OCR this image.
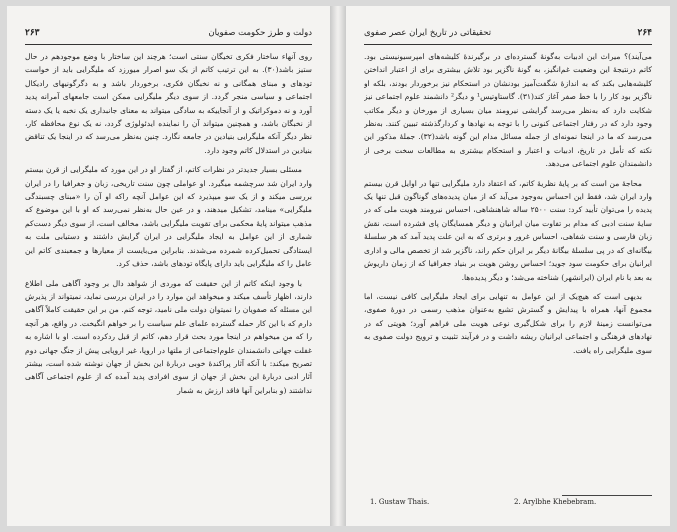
۲۶۳	دولت و طرز حکومت صفویان

روی آنهاء ساختار فکری تخیگان سنتی است؛ هرچند این ساختار با وضع موجودهم در حال ستیز باشد(۳۰). به این ترتیب کاتم از یک سو اصرار میورزد که ملیگرایی باید از خواست تودهای و مبنای همگانی و نه نخبگان فکری، برخوردار باشد و به دگرگونیهای رادیکال اجتماعی و سیاسی منجر گردد. از سوی دیگر ملیگرایی ممکن است جامعهای آمرانه پدید آورد و نه دموکراتیک و از آنجاییکه به سادگی میتواند به معنای جانبداری یک نخبه یا یک دسته از نخبگان باشد، و همچنین میتواند آن را نماینده ایدئولوژی گردد، نه یک نوع محافظه کار، نظر دیگر آنکه ملیگرایی بنیادین در جامعه نگارد. چنین به‌نظر می‌رسد که در اینجا یک تناقض بنیادین در استدلال کاتم وجود دارد.

مسئلی بسیار جدیدتر در نظرات کاتم، از گفتار او در این مورد که ملیگرایی از قرن بیستم وارد ایران شد سرچشمه میگیرد. او عواملی چون سنت تاریخی، زبان و جغرافیا را در ایران بررسی میکند و از یک سو میپذیرد که این عوامل آنچه راکه او آن را «مبنای چسبندگی ملیگرایی» مینامد، تشکیل میدهند، و در عین حال به‌نظر نمی‌رسد که او با این موضوع که مذهب میتواند پایهٔ محکمی برای تقویت ملیگرایی باشد، مخالف است، از سوی دیگر دست‌کم شماری از این عوامل به ایجاد ملیگرایی در ایران گرایش داشتند و دستیابی ملت به ایستادگی تحمیل‌کرده شمرده می‌شدند. بنابراین می‌بایست از معیارها و جمعبندی کاتم این عامل را که ملیگرایی باید دارای پایگاه تودهای باشد، حذف کرد.

با وجود اینکه کاتم از این حقیقت که موردی از شواهد دال بر وجود آگاهی ملی اطلاع دارند، اظهار تأسف میکند و میخواهد این موارد را در ایران بررسی نماید، نمیتواند از پذیرش این مسئله که صفویان را نمیتوان دولت ملی نامید، توجه کنم. من بر این حقیقت کاملاً آگاهی دارم که با این کار حمله گسترده علمای علم سیاست را بر خواهم انگیخت. در واقع، هر آنچه را که من میخواهم در اینجا مورد بحث قرار دهم، کاتم از قبل ردکرده است. او با اشاره به غفلت جهانی دانشمندان علوم‌اجتماعی از ملتها در اروپا، غیر اروپایی پیش از جنگ جهانی دوم تصریح میکند: با آنکه آثار پراکندهٔ خوبی دربارهٔ این بخش از جهان نوشته شده است، بیشتر آثار ادبی دربارهٔ این بخش از جهان از سوی افرادی پدید آمده که از علوم اجتماعی آگاهی نداشتند (و بنابراین آنها فاقد ارزش به شمار

۲۶۴
تحقیقاتی در تاریخ ایران عصر صفوی

می‌آیند)؟ میراث این ادبیات به‌گونهٔ گسترده‌ای در برگیرندهٔ کلیشه‌های امپرسیونیستی بود. کاتم درنتیجهٔ این وضعیت غم‌انگیز، به گونهٔ ناگزیر بود تلاش بیشتری برای از اعتبار انداختن کلیشه‌هایی بکند که به اندازهٔ شگفت‌آمیز بودنشان در استحکام نیز برخوردار بودند، بلکه او ناگزیر بود کار را با خط صفر آغاز کند(۳۱). گاستاوتیس¹ و دیگر² دانشمند علوم اجتماعی نیز شکایت دارد که به‌نظر می‌رسد گرایشی نیرومند میان بسیاری از مورخان و دیگر مکاتب وجود دارد که در رفتار اجتماعی کنونی را با توجه به نهادها و کردارگذشته تبیین کنند. به‌نظر می‌رسد که ما در اینجا نمونه‌ای از جمله مسائل مدام این گونه باشد(۳۲). جملهٔ مذکور این نکته که تأمل در تاریخ، ادبیات و اعتبار و استحکام بیشتری به مطالعات سخت برخی از دانشمندان علوم اجتماعی می‌دهد.

محاجهٔ من است که بر پایهٔ نظریهٔ کاتم، که اعتقاد دارد ملیگرایی تنها در اوایل قرن بیستم وارد ایران شد، فقط این احساس به‌وجود می‌آید که از میان پدیده‌های گوناگون قبل تنها یک پدیده را می‌توان تأیید کرد: سنت ۲۵۰۰ ساله شاهنشاهی، احساس نیرومند هویت ملی که در سایهٔ سنت ادبی که مدام بر تفاوت میان ایرانیان و دیگر همسایگان پای فشرده است، نقش زبان فارسی و سنت شفاهی، احساس غرور و برتری که به این علت پدید آمد که هر سلسلهٔ بیگانه‌ای که در پی سلسلهٔ بیگانهٔ دیگر بر ایران حکم راند، ناگزیر شد از تخصص مالی و اداری ایرانیان برای حکومت سود جوید؛ احساس روشن هویت بر بنیاد جغرافیا که از زمان داریوش به بعد با نام ایران (ایرانشهر) شناخته می‌شد؛ و دیگر پدیده‌ها.

بدیهی است که هیچ‌یک از این عوامل به تنهایی برای ایجاد ملیگرایی کافی نیست، اما مجموع آنها، همراه با پیدایش و گسترش تشیع به‌عنوان مذهب رسمی در دورهٔ صفوی، می‌توانست زمینهٔ لازم را برای شکل‌گیری نوعی هویت ملی فراهم آورد؛ هویتی که در نهادهای فرهنگی و اجتماعی ایرانیان ریشه داشت و در فرآیند تثبیت و ترویج دولت صفوی به سوی ملیگرایی راه یافت.

1. Gustaw Thais.	2. Arylbhe Khebebram.
